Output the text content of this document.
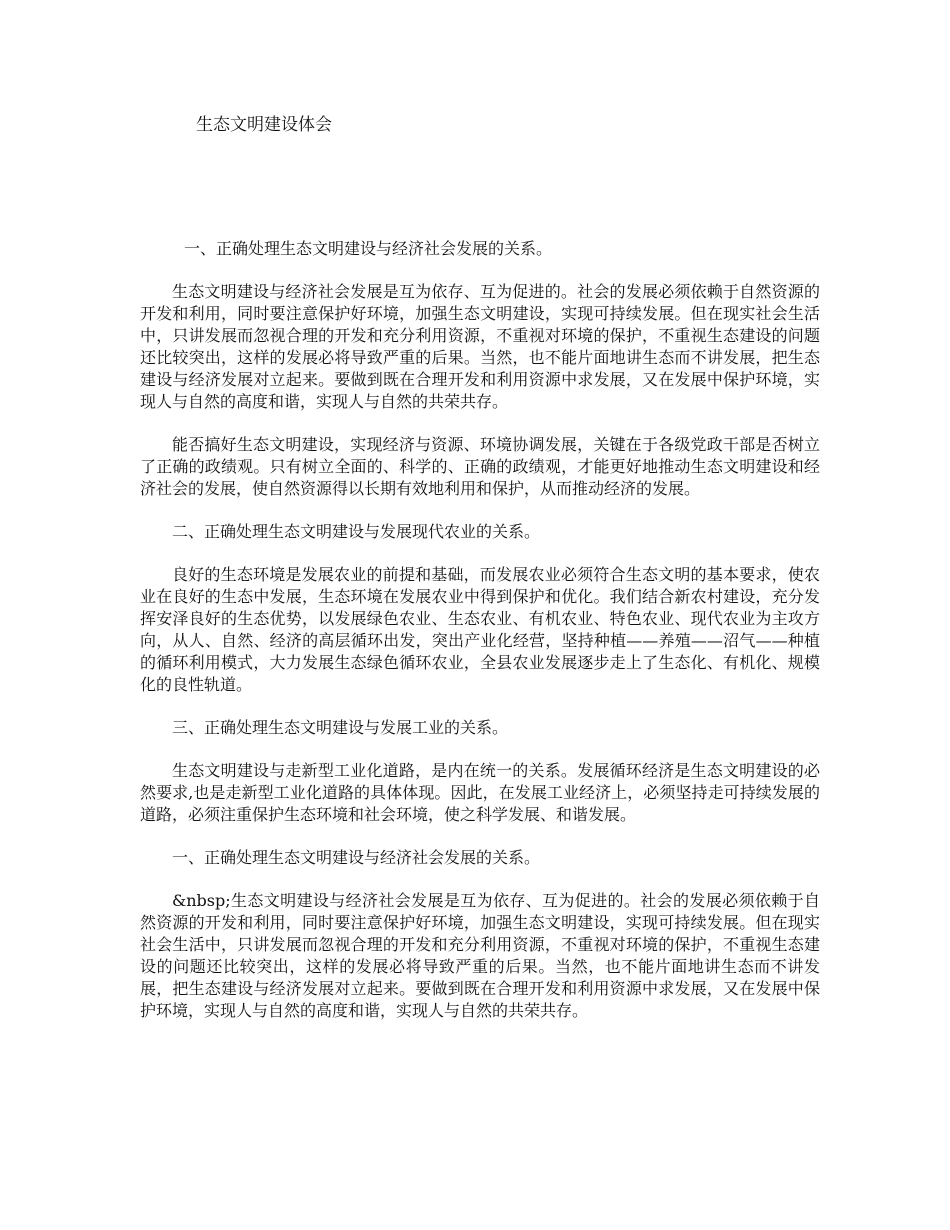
生态文明建设体会

一、正确处理生态文明建设与经济社会发展的关系。

生态文明建设与经济社会发展是互为依存、互为促进的。社会的发展必须依赖于自然资源的开发和利用，同时要注意保护好环境，加强生态文明建设，实现可持续发展。但在现实社会生活中，只讲发展而忽视合理的开发和充分利用资源，不重视对环境的保护，不重视生态建设的问题还比较突出，这样的发展必将导致严重的后果。当然，也不能片面地讲生态而不讲发展，把生态建设与经济发展对立起来。要做到既在合理开发和利用资源中求发展，又在发展中保护环境，实现人与自然的高度和谐，实现人与自然的共荣共存。

能否搞好生态文明建设，实现经济与资源、环境协调发展，关键在于各级党政干部是否树立了正确的政绩观。只有树立全面的、科学的、正确的政绩观，才能更好地推动生态文明建设和经济社会的发展，使自然资源得以长期有效地利用和保护，从而推动经济的发展。

二、正确处理生态文明建设与发展现代农业的关系。

良好的生态环境是发展农业的前提和基础，而发展农业必须符合生态文明的基本要求，使农业在良好的生态中发展，生态环境在发展农业中得到保护和优化。我们结合新农村建设，充分发挥安泽良好的生态优势，以发展绿色农业、生态农业、有机农业、特色农业、现代农业为主攻方向，从人、自然、经济的高层循环出发，突出产业化经营，坚持种植——养殖——沼气——种植的循环利用模式，大力发展生态绿色循环农业，全县农业发展逐步走上了生态化、有机化、规模化的良性轨道。

三、正确处理生态文明建设与发展工业的关系。

生态文明建设与走新型工业化道路，是内在统一的关系。发展循环经济是生态文明建设的必然要求,也是走新型工业化道路的具体体现。因此，在发展工业经济上，必须坚持走可持续发展的道路，必须注重保护生态环境和社会环境，使之科学发展、和谐发展。

一、正确处理生态文明建设与经济社会发展的关系。

&nbsp;生态文明建设与经济社会发展是互为依存、互为促进的。社会的发展必须依赖于自然资源的开发和利用，同时要注意保护好环境，加强生态文明建设，实现可持续发展。但在现实社会生活中，只讲发展而忽视合理的开发和充分利用资源，不重视对环境的保护，不重视生态建设的问题还比较突出，这样的发展必将导致严重的后果。当然，也不能片面地讲生态而不讲发展，把生态建设与经济发展对立起来。要做到既在合理开发和利用资源中求发展，又在发展中保护环境，实现人与自然的高度和谐，实现人与自然的共荣共存。
